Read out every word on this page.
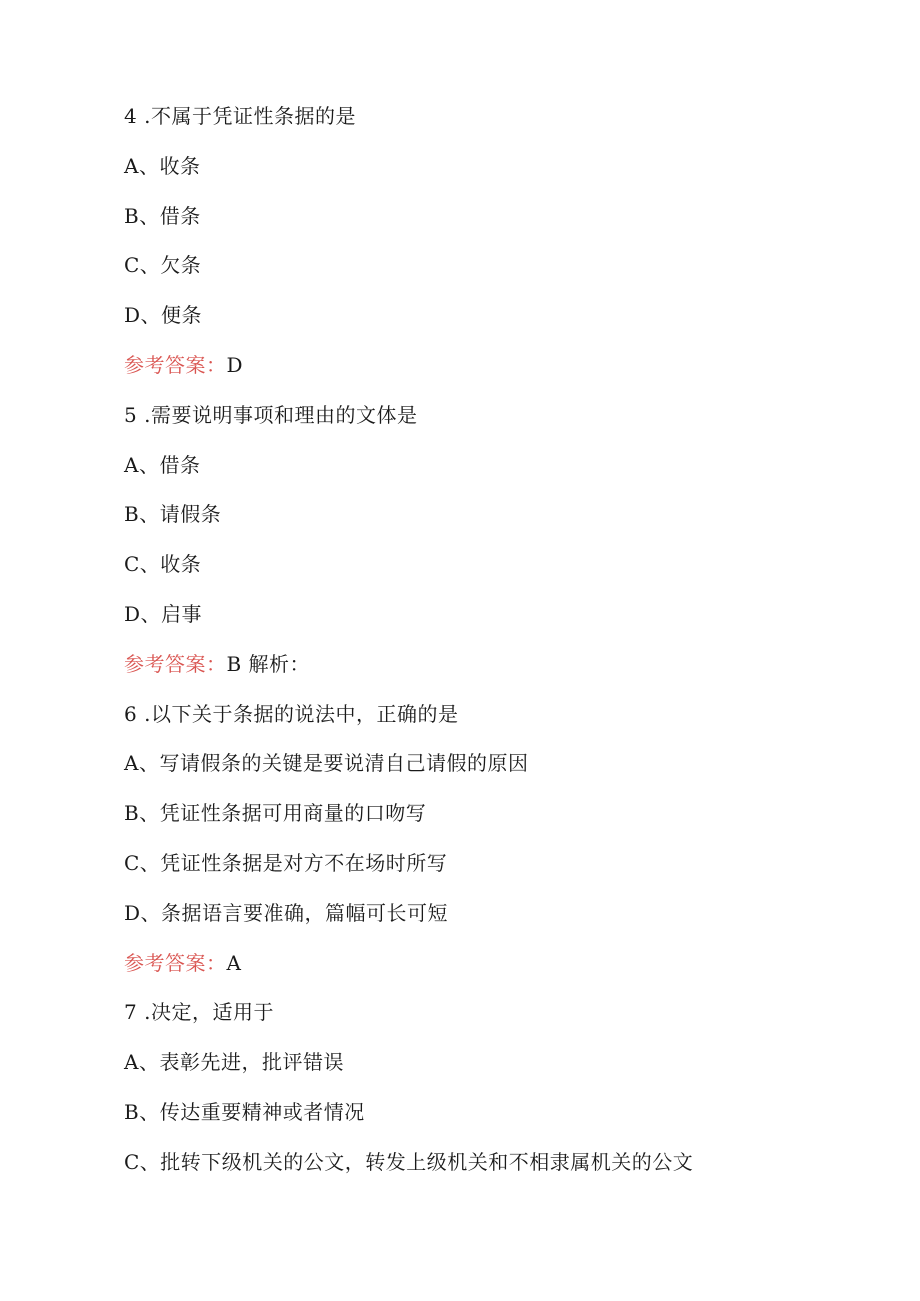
4 .不属于凭证性条据的是
A、收条
B、借条
C、欠条
D、便条
参考答案：D
5 .需要说明事项和理由的文体是
A、借条
B、请假条
C、收条
D、启事
参考答案：B 解析：
6 .以下关于条据的说法中，正确的是
A、写请假条的关键是要说清自己请假的原因
B、凭证性条据可用商量的口吻写
C、凭证性条据是对方不在场时所写
D、条据语言要准确，篇幅可长可短
参考答案：A
7 .决定，适用于
A、表彰先进，批评错误
B、传达重要精神或者情况
C、批转下级机关的公文，转发上级机关和不相隶属机关的公文
